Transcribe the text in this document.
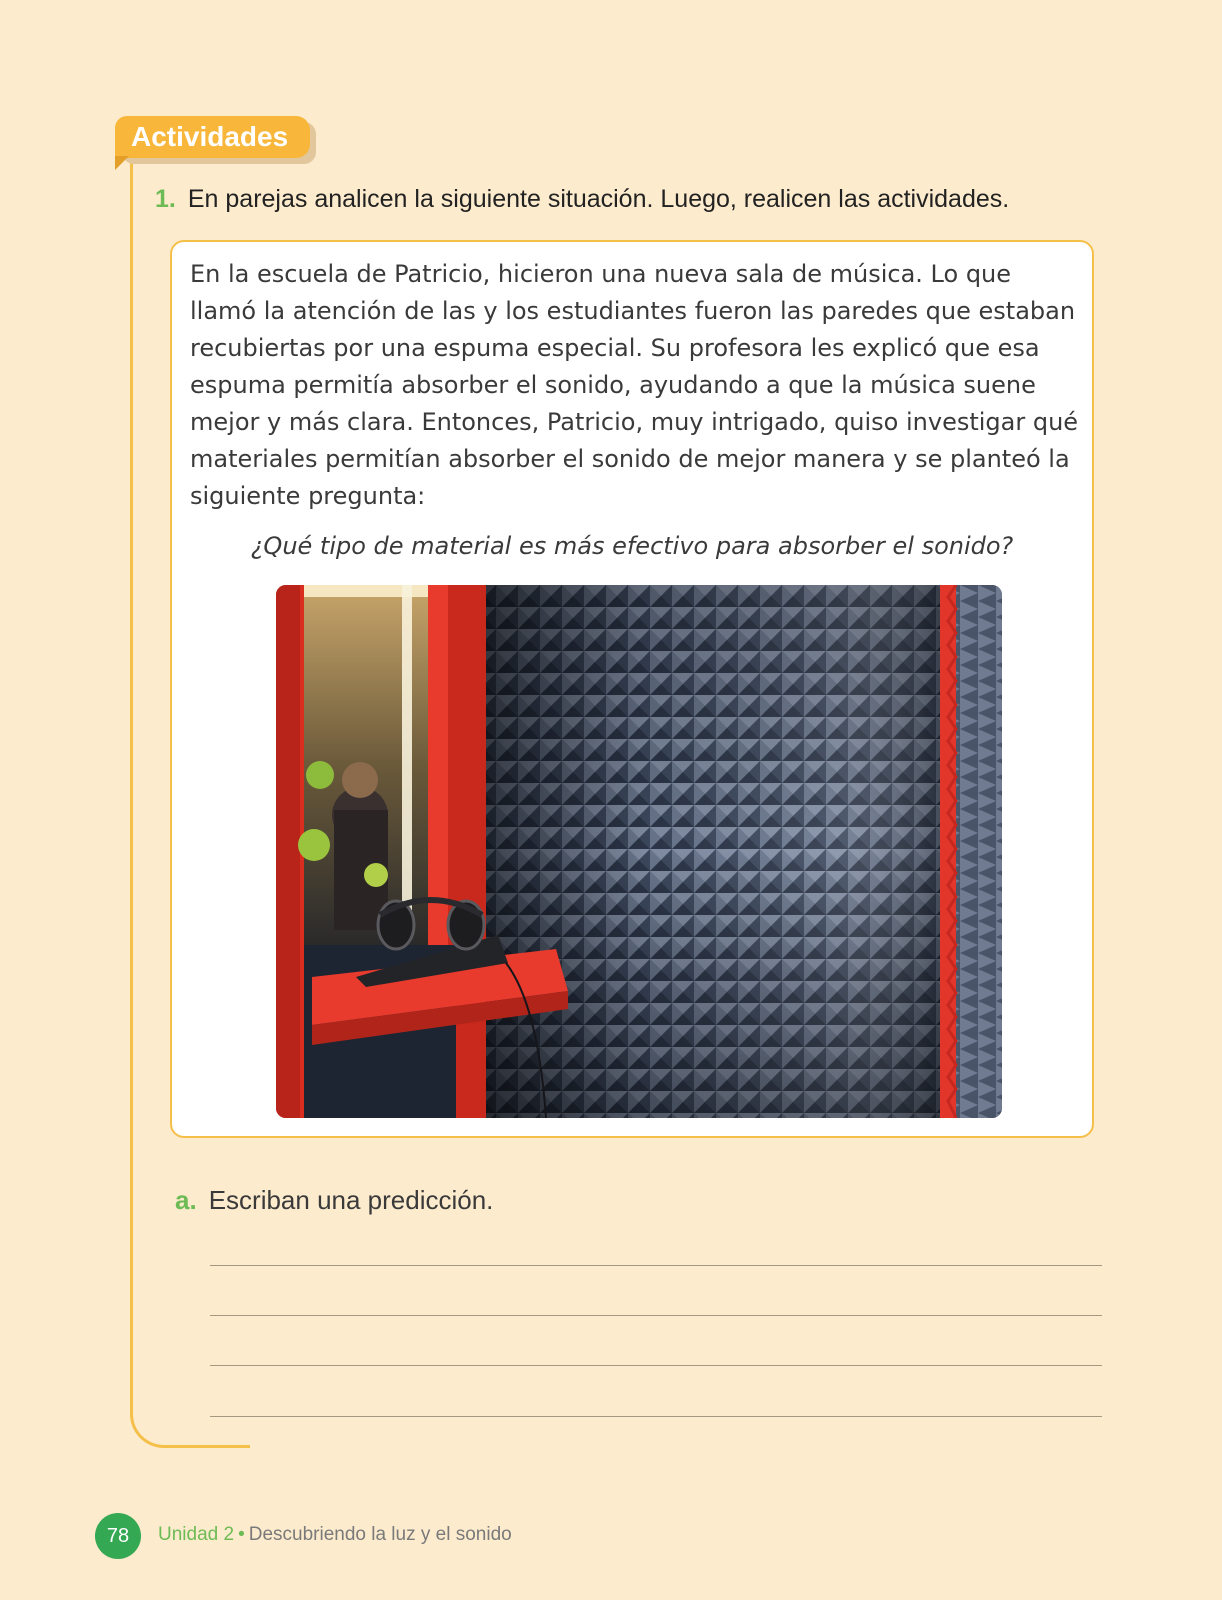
Actividades
1. En parejas analicen la siguiente situación. Luego, realicen las actividades.

En la escuela de Patricio, hicieron una nueva sala de música. Lo que llamó la atención de las y los estudiantes fueron las paredes que estaban recubiertas por una espuma especial. Su profesora les explicó que esa espuma permitía absorber el sonido, ayudando a que la música suene mejor y más clara. Entonces, Patricio, muy intrigado, quiso investigar qué materiales permitían absorber el sonido de mejor manera y se planteó la siguiente pregunta:

¿Qué tipo de material es más efectivo para absorber el sonido?

a. Escriban una predicción.
78	Unidad 2 • Descubriendo la luz y el sonido
